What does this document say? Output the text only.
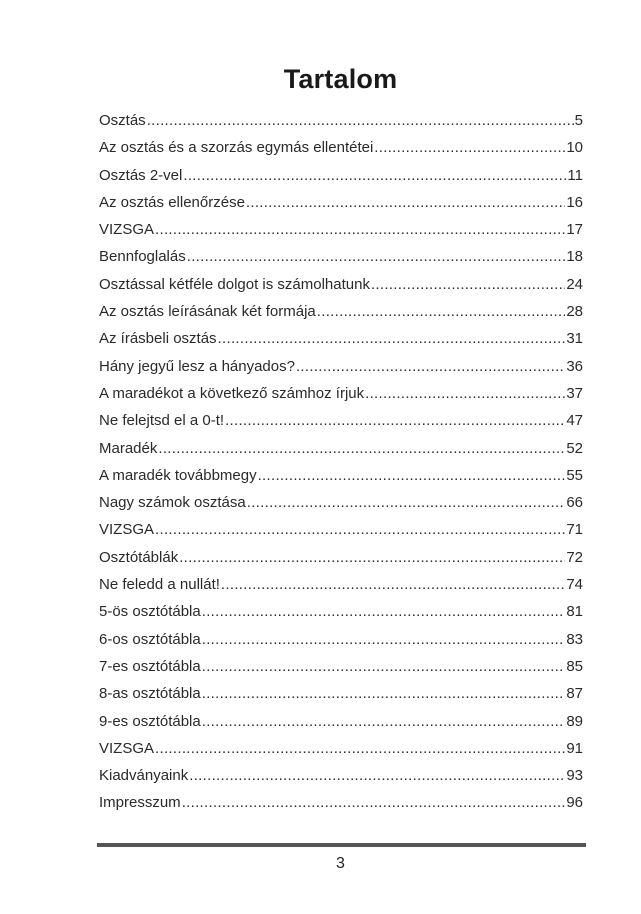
Tartalom
Osztás .....	5
Az osztás és a szorzás egymás ellentétei .....	10
Osztás 2-vel .....	11
Az osztás ellenőrzése .....	16
VIZSGA .....	17
Bennfoglalás .....	18
Osztással kétféle dolgot is számolhatunk .....	24
Az osztás leírásának két formája .....	28
Az írásbeli osztás .....	31
Hány jegyű lesz a hányados? .....	36
A maradékot a következő számhoz írjuk .....	37
Ne felejtsd el a 0-t! .....	47
Maradék .....	52
A maradék továbbmegy .....	55
Nagy számok osztása .....	66
VIZSGA .....	71
Osztótáblák .....	72
Ne feledd a nullát! .....	74
5-ös osztótábla .....	81
6-os osztótábla .....	83
7-es osztótábla .....	85
8-as osztótábla .....	87
9-es osztótábla .....	89
VIZSGA .....	91
Kiadványaink .....	93
Impresszum .....	96
3
